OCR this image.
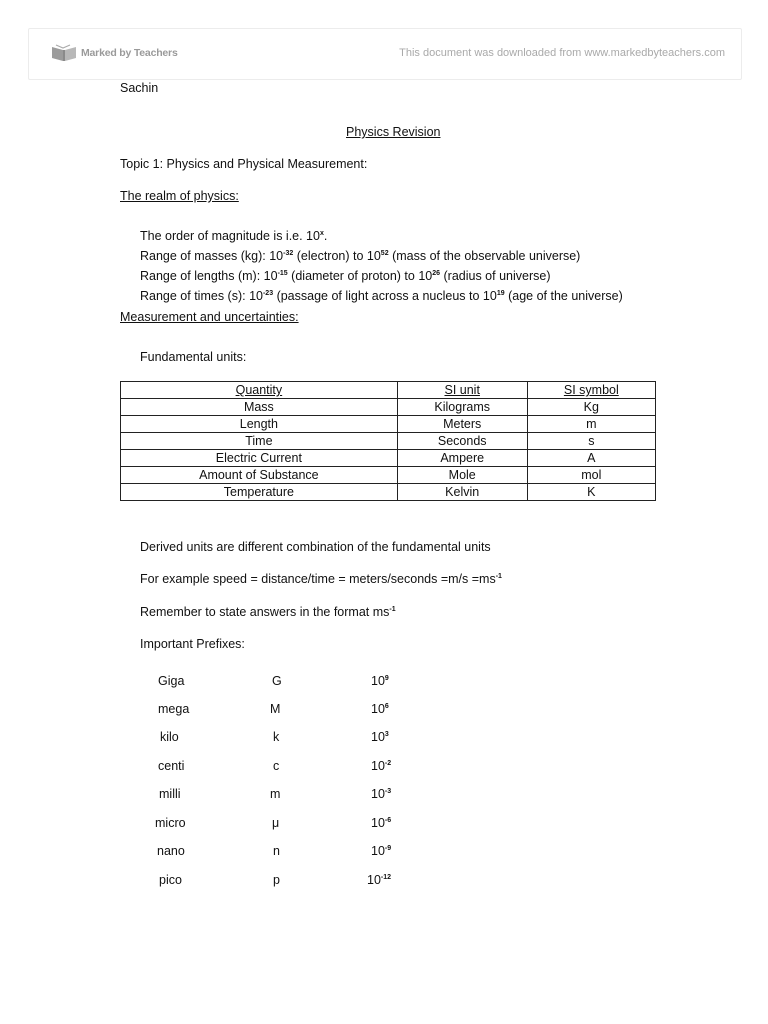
Marked by Teachers	This document was downloaded from www.markedbyteachers.com
Sachin
Physics Revision
Topic 1: Physics and Physical Measurement:
The realm of physics:
The order of magnitude is i.e. 10$^x$.
Range of masses (kg): $10^{-32}$ (electron) to $10^{52}$ (mass of the observable universe)
Range of lengths (m): $10^{-15}$ (diameter of proton) to $10^{26}$ (radius of universe)
Range of times (s): $10^{-23}$ (passage of light across a nucleus to $10^{19}$ (age of the universe)
Measurement and uncertainties:
Fundamental units:
Quantity	SI unit	SI symbol
Mass	Kilograms	Kg
Length	Meters	m
Time	Seconds	s
Electric Current	Ampere	A
Amount of Substance	Mole	mol
Temperature	Kelvin	K
Derived units are different combination of the fundamental units
For example speed = distance/time = meters/seconds $=m/s =ms^{-1}$
Remember to state answers in the format $ms^{-1}$
Important Prefixes:
Giga	G	$10^9$
mega	M	$10^6$
kilo	k	$10^3$
centi	c	$10^{-2}$
milli	m	$10^{-3}$
micro	μ	$10^{-6}$
nano	n	$10^{-9}$
pico	p	$10^{-12}$
